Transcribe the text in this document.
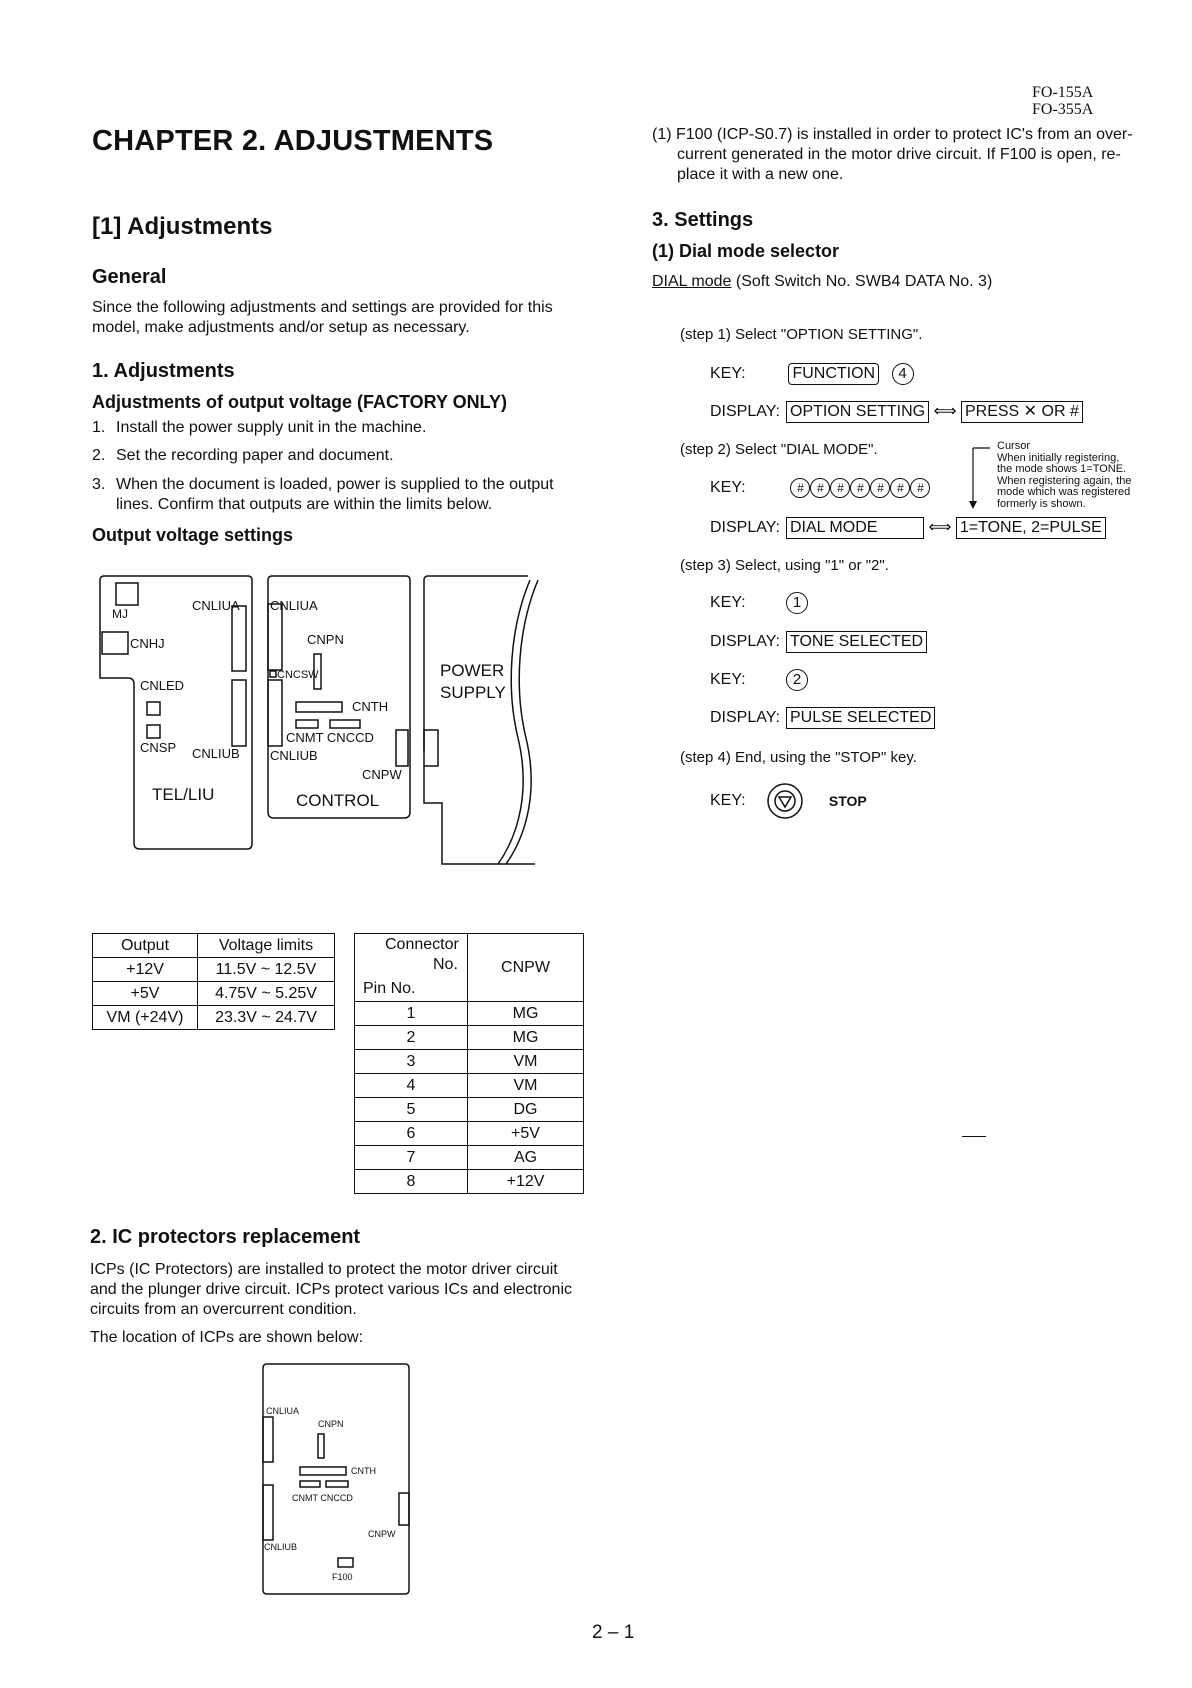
FO-155A
FO-355A
CHAPTER 2. ADJUSTMENTS
[1] Adjustments
General
Since the following adjustments and settings are provided for this
model, make adjustments and/or setup as necessary.
1. Adjustments
Adjustments of output voltage (FACTORY ONLY)
1. Install the power supply unit in the machine.
2. Set the recording paper and document.
3. When the document is loaded, power is supplied to the output
lines. Confirm that outputs are within the limits below.
Output voltage settings
MJ
CNLIUA
CNHJ
CNLED
CNSP CNLIUB
TEL/LIU
CNLIUA
CNPN
CNCSW
CNTH
CNMT CNCCD
CNLIUB
CNPW
CONTROL
POWER
SUPPLY
Output	Voltage limits
+12V	11.5V ~ 12.5V
+5V	4.75V ~ 5.25V
VM (+24V)	23.3V ~ 24.7V
Connector
No.
Pin No.	CNPW
1	MG
2	MG
3	VM
4	VM
5	DG
6	+5V
7	AG
8	+12V
2. IC protectors replacement
ICPs (IC Protectors) are installed to protect the motor driver circuit
and the plunger drive circuit. ICPs protect various ICs and electronic
circuits from an overcurrent condition.
The location of ICPs are shown below:
CNLIUA
CNPN
CNTH
CNMT CNCCD
CNPW
CNLIUB
F100
(1) F100 (ICP-S0.7) is installed in order to protect IC's from an over-
current generated in the motor drive circuit. If F100 is open, re-
place it with a new one.
3. Settings
(1) Dial mode selector
DIAL mode (Soft Switch No. SWB4 DATA No. 3)
(step 1) Select "OPTION SETTING".
KEY:	FUNCTION 4
DISPLAY: OPTION SETTING ⟺ PRESS ✕ OR #
(step 2) Select "DIAL MODE".
KEY:	# # # # # # #
DISPLAY: DIAL MODE	⟺ 1=TONE, 2=PULSE
Cursor
When initially registering,
the mode shows 1=TONE.
When registering again, the
mode which was registered
formerly is shown.
(step 3) Select, using "1" or "2".
KEY:	1
DISPLAY: TONE SELECTED
KEY:	2
DISPLAY: PULSE SELECTED
(step 4) End, using the "STOP" key.
KEY:	STOP
2 – 1
